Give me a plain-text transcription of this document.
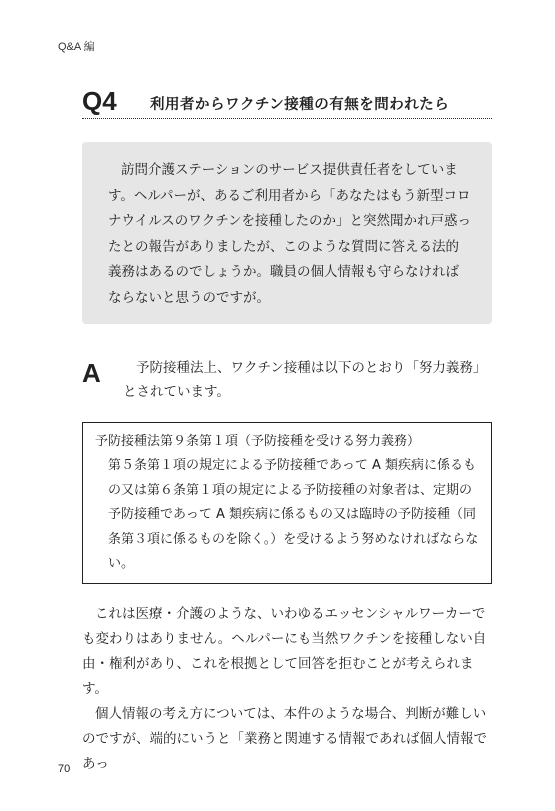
Q&A 編
Q4 利用者からワクチン接種の有無を問われたら
訪問介護ステーションのサービス提供責任者をしています。ヘルパーが、あるご利用者から「あなたはもう新型コロナウイルスのワクチンを接種したのか」と突然聞かれ戸惑ったとの報告がありましたが、このような質問に答える法的義務はあるのでしょうか。職員の個人情報も守らなければならないと思うのですが。
A	予防接種法上、ワクチン接種は以下のとおり「努力義務」とされています。
予防接種法第９条第１項（予防接種を受ける努力義務）
第５条第１項の規定による予防接種であって A 類疾病に係るもの又は第６条第１項の規定による予防接種の対象者は、定期の予防接種であって A 類疾病に係るもの又は臨時の予防接種（同条第３項に係るものを除く。）を受けるよう努めなければならない。

これは医療・介護のような、いわゆるエッセンシャルワーカーでも変わりはありません。ヘルパーにも当然ワクチンを接種しない自由・権利があり、これを根拠として回答を拒むことが考えられます。

個人情報の考え方については、本件のような場合、判断が難しいのですが、端的にいうと「業務と関連する情報であれば個人情報であっ

70
